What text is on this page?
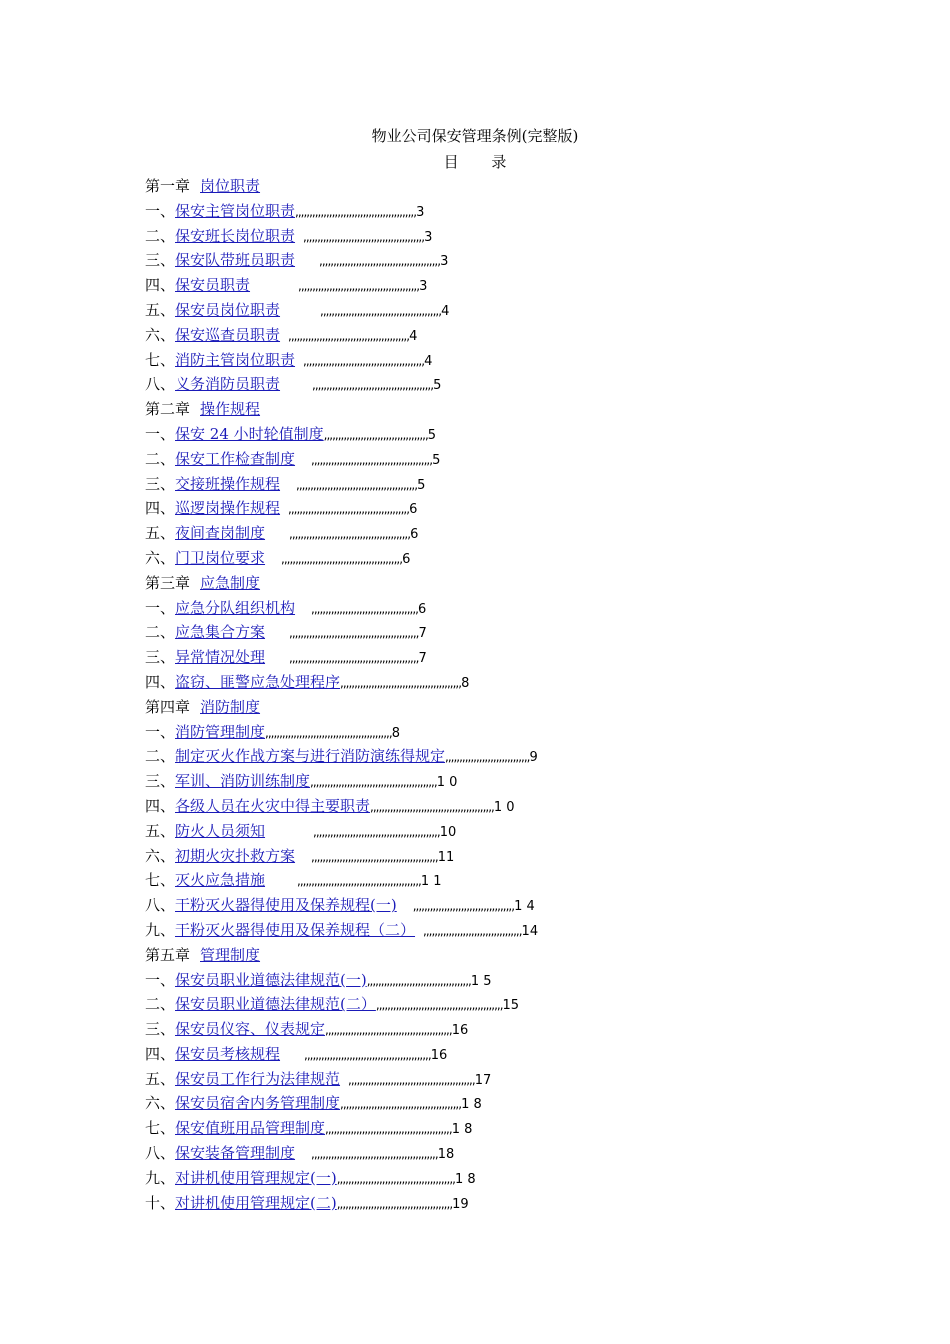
物业公司保安管理条例(完整版)
目 录
第一章 岗位职责
一、保安主管岗位职责,,,,,,,,,,,,,,,,,,,,,,,,,,,,,,,,,,,,,,,,,,,3
二、保安班长岗位职责 ,,,,,,,,,,,,,,,,,,,,,,,,,,,,,,,,,,,,,,,,,,,3
三、保安队带班员职责 ,,,,,,,,,,,,,,,,,,,,,,,,,,,,,,,,,,,,,,,,,,,3
四、保安员职责	,,,,,,,,,,,,,,,,,,,,,,,,,,,,,,,,,,,,,,,,,,,3
五、保安员岗位职责	,,,,,,,,,,,,,,,,,,,,,,,,,,,,,,,,,,,,,,,,,,,4
六、保安巡查员职责 ,,,,,,,,,,,,,,,,,,,,,,,,,,,,,,,,,,,,,,,,,,,4
七、消防主管岗位职责 ,,,,,,,,,,,,,,,,,,,,,,,,,,,,,,,,,,,,,,,,,,,4
八、义务消防员职责	,,,,,,,,,,,,,,,,,,,,,,,,,,,,,,,,,,,,,,,,,,,5
第二章 操作规程
一、保安 24 小时轮值制度,,,,,,,,,,,,,,,,,,,,,,,,,,,,,,,,,,,,,5
二、保安工作检查制度 ,,,,,,,,,,,,,,,,,,,,,,,,,,,,,,,,,,,,,,,,,,,5
三、交接班操作规程 ,,,,,,,,,,,,,,,,,,,,,,,,,,,,,,,,,,,,,,,,,,,5
四、巡逻岗操作规程 ,,,,,,,,,,,,,,,,,,,,,,,,,,,,,,,,,,,,,,,,,,,6
五、夜间查岗制度 ,,,,,,,,,,,,,,,,,,,,,,,,,,,,,,,,,,,,,,,,,,,6
六、门卫岗位要求 ,,,,,,,,,,,,,,,,,,,,,,,,,,,,,,,,,,,,,,,,,,,6
第三章 应急制度
一、应急分队组织机构 ,,,,,,,,,,,,,,,,,,,,,,,,,,,,,,,,,,,,,,6
二、应急集合方案 ,,,,,,,,,,,,,,,,,,,,,,,,,,,,,,,,,,,,,,,,,,,,,,7
三、异常情况处理 ,,,,,,,,,,,,,,,,,,,,,,,,,,,,,,,,,,,,,,,,,,,,,,7
四、盗窃、匪警应急处理程序,,,,,,,,,,,,,,,,,,,,,,,,,,,,,,,,,,,,,,,,,,,8
第四章 消防制度
一、消防管理制度,,,,,,,,,,,,,,,,,,,,,,,,,,,,,,,,,,,,,,,,,,,,,8
二、制定灭火作战方案与进行消防演练得规定,,,,,,,,,,,,,,,,,,,,,,,,,,,,,,9
三、军训、消防训练制度,,,,,,,,,,,,,,,,,,,,,,,,,,,,,,,,,,,,,,,,,,,,,1 0
四、各级人员在火灾中得主要职责,,,,,,,,,,,,,,,,,,,,,,,,,,,,,,,,,,,,,,,,,,,,1 0
五、防火人员须知	,,,,,,,,,,,,,,,,,,,,,,,,,,,,,,,,,,,,,,,,,,,,,10
六、初期火灾扑救方案 ,,,,,,,,,,,,,,,,,,,,,,,,,,,,,,,,,,,,,,,,,,,,,11
七、灭火应急措施	,,,,,,,,,,,,,,,,,,,,,,,,,,,,,,,,,,,,,,,,,,,,1 1
八、干粉灭火器得使用及保养规程(一) ,,,,,,,,,,,,,,,,,,,,,,,,,,,,,,,,,,,,1 4
九、干粉灭火器得使用及保养规程（二） ,,,,,,,,,,,,,,,,,,,,,,,,,,,,,,,,,,,14
第五章 管理制度
一、保安员职业道德法律规范(一),,,,,,,,,,,,,,,,,,,,,,,,,,,,,,,,,,,,,1 5
二、保安员职业道德法律规范(二）,,,,,,,,,,,,,,,,,,,,,,,,,,,,,,,,,,,,,,,,,,,,,15
三、保安员仪容、仪表规定,,,,,,,,,,,,,,,,,,,,,,,,,,,,,,,,,,,,,,,,,,,,,16
四、保安员考核规程 ,,,,,,,,,,,,,,,,,,,,,,,,,,,,,,,,,,,,,,,,,,,,,16
五、保安员工作行为法律规范 ,,,,,,,,,,,,,,,,,,,,,,,,,,,,,,,,,,,,,,,,,,,,,17
六、保安员宿舍内务管理制度,,,,,,,,,,,,,,,,,,,,,,,,,,,,,,,,,,,,,,,,,,,1 8
七、保安值班用品管理制度,,,,,,,,,,,,,,,,,,,,,,,,,,,,,,,,,,,,,,,,,,,,,1 8
八、保安装备管理制度 ,,,,,,,,,,,,,,,,,,,,,,,,,,,,,,,,,,,,,,,,,,,,,18
九、对讲机使用管理规定(一),,,,,,,,,,,,,,,,,,,,,,,,,,,,,,,,,,,,,,,,,,1 8
十、对讲机使用管理规定(二),,,,,,,,,,,,,,,,,,,,,,,,,,,,,,,,,,,,,,,,,19
